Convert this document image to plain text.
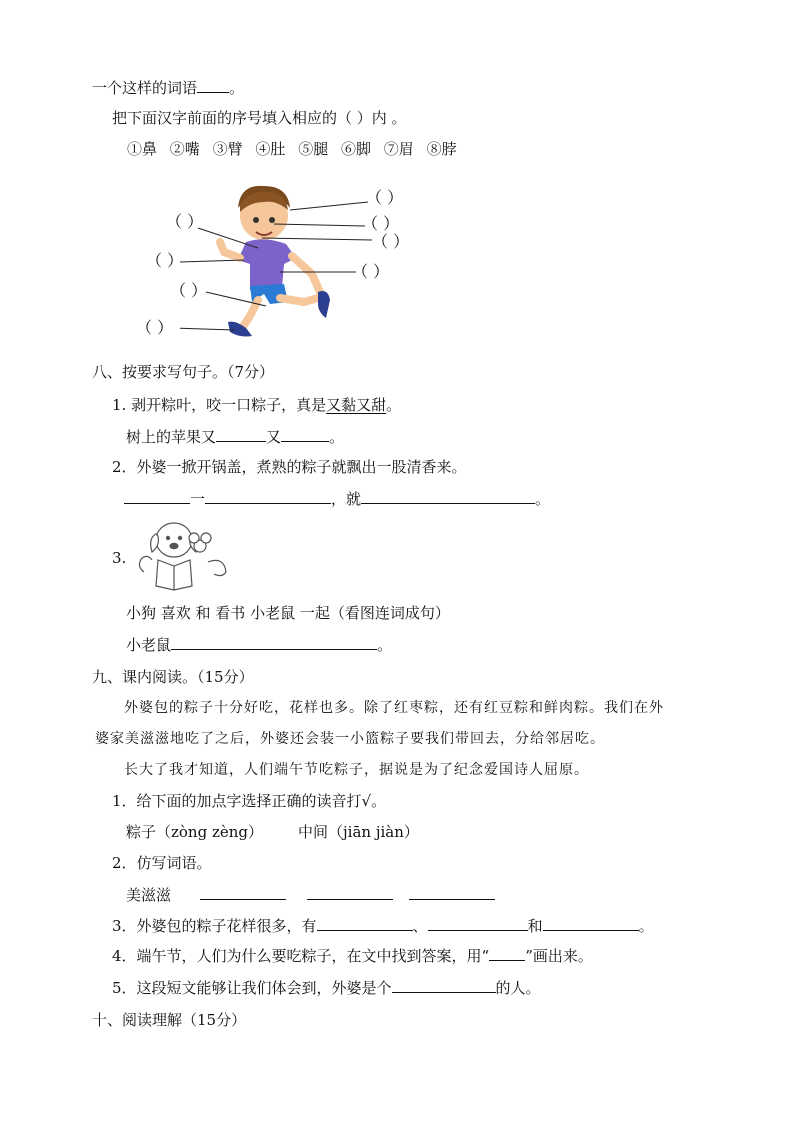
一个这样的词语 。
把下面汉字前面的序号填入相应的（ ）内 。
①鼻 ②嘴 ③臂 ④肚 ⑤腿 ⑥脚 ⑦眉 ⑧脖
（ ）
（ ）	（ ）
（ ）
（ ）
（ ）
（ ）
（ ）
八、按要求写句子。（7分）
1. 剥开粽叶，咬一口粽子，真是又黏又甜。
树上的苹果又	又	。
2．外婆一掀开锅盖，煮熟的粽子就飘出一股清香来。
一	，就	。
3.
小狗 喜欢 和 看书 小老鼠 一起（看图连词成句）
小老鼠	。
九、课内阅读。（15分）
外婆包的粽子十分好吃，花样也多。除了红枣粽，还有红豆粽和鲜肉粽。我们在外
婆家美滋滋地吃了之后，外婆还会装一小篮粽子要我们带回去，分给邻居吃。
长大了我才知道，人们端午节吃粽子，据说是为了纪念爱国诗人屈原。
1．给下面的加点字选择正确的读音打√。
粽子（zòng zèng） 中间（jiān jiàn）
2．仿写词语。
美滋滋
3．外婆包的粽子花样很多，有	、	和	。
4．端午节，人们为什么要吃粽子，在文中找到答案，用“ ”画出来。
5．这段短文能够让我们体会到，外婆是个	的人。
十、阅读理解（15分）
